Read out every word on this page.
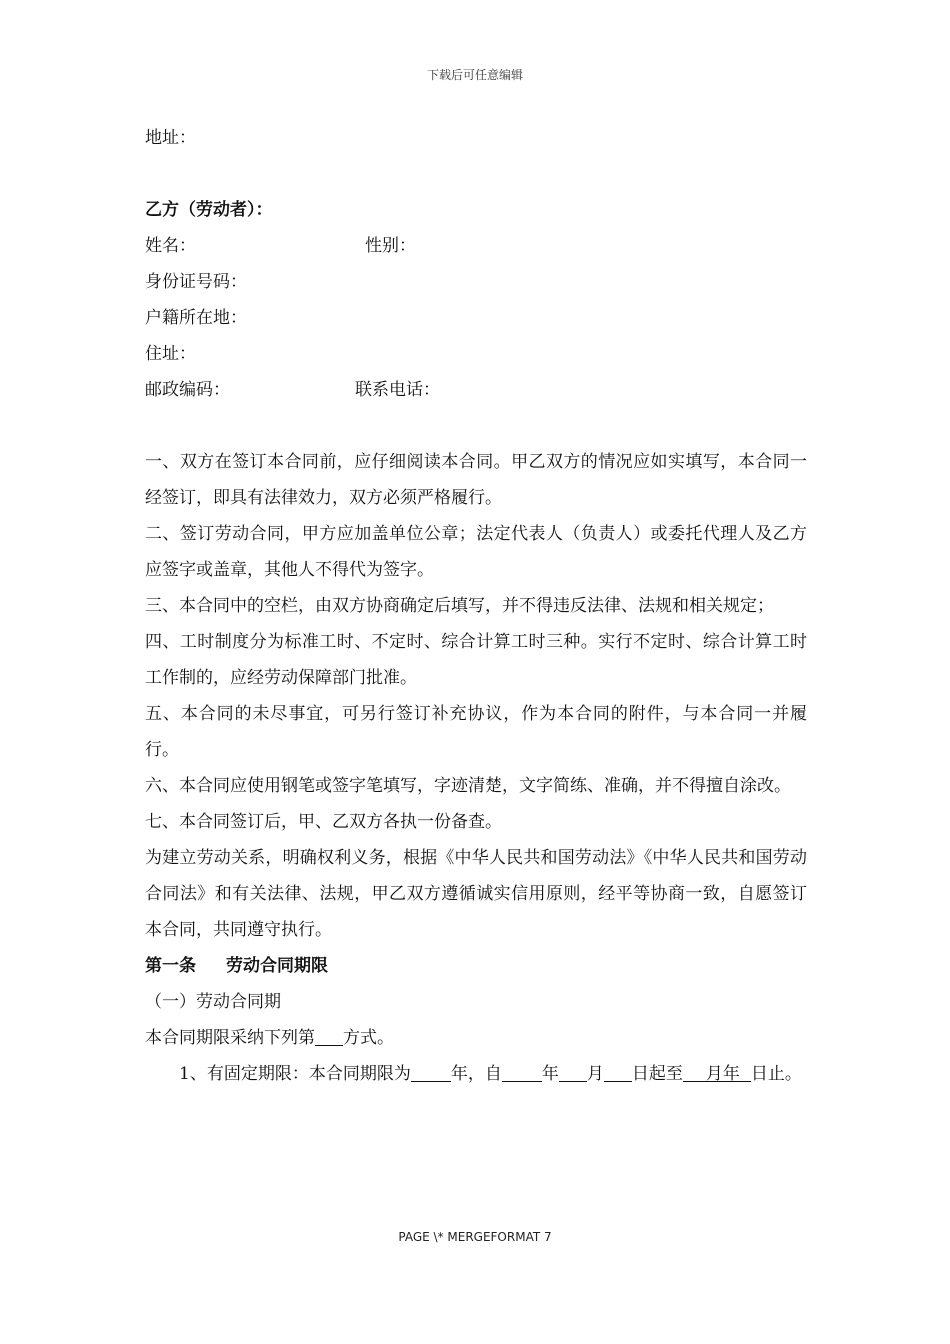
下载后可任意编辑
地址：
乙方（劳动者）：
姓名：	性别：
身份证号码：
户籍所在地：
住址：
邮政编码：	联系电话：
一、双方在签订本合同前，应仔细阅读本合同。甲乙双方的情况应如实填写，本合同一经签订，即具有法律效力，双方必须严格履行。
二、签订劳动合同，甲方应加盖单位公章；法定代表人（负责人）或委托代理人及乙方应签字或盖章，其他人不得代为签字。
三、本合同中的空栏，由双方协商确定后填写，并不得违反法律、法规和相关规定；
四、工时制度分为标准工时、不定时、综合计算工时三种。实行不定时、综合计算工时工作制的，应经劳动保障部门批准。
五、本合同的未尽事宜，可另行签订补充协议，作为本合同的附件，与本合同一并履行。
六、本合同应使用钢笔或签字笔填写，字迹清楚，文字简练、准确，并不得擅自涂改。
七、本合同签订后，甲、乙双方各执一份备查。
为建立劳动关系，明确权利义务，根据《中华人民共和国劳动法》《中华人民共和国劳动合同法》和有关法律、法规，甲乙双方遵循诚实信用原则，经平等协商一致，自愿签订本合同，共同遵守执行。
第一条 劳动合同期限
（一）劳动合同期
本合同期限采纳下列第 方式。
1、有固定期限：本合同期限为 年，自 年 月 日起至 年月 日止。
PAGE \* MERGEFORMAT 7
